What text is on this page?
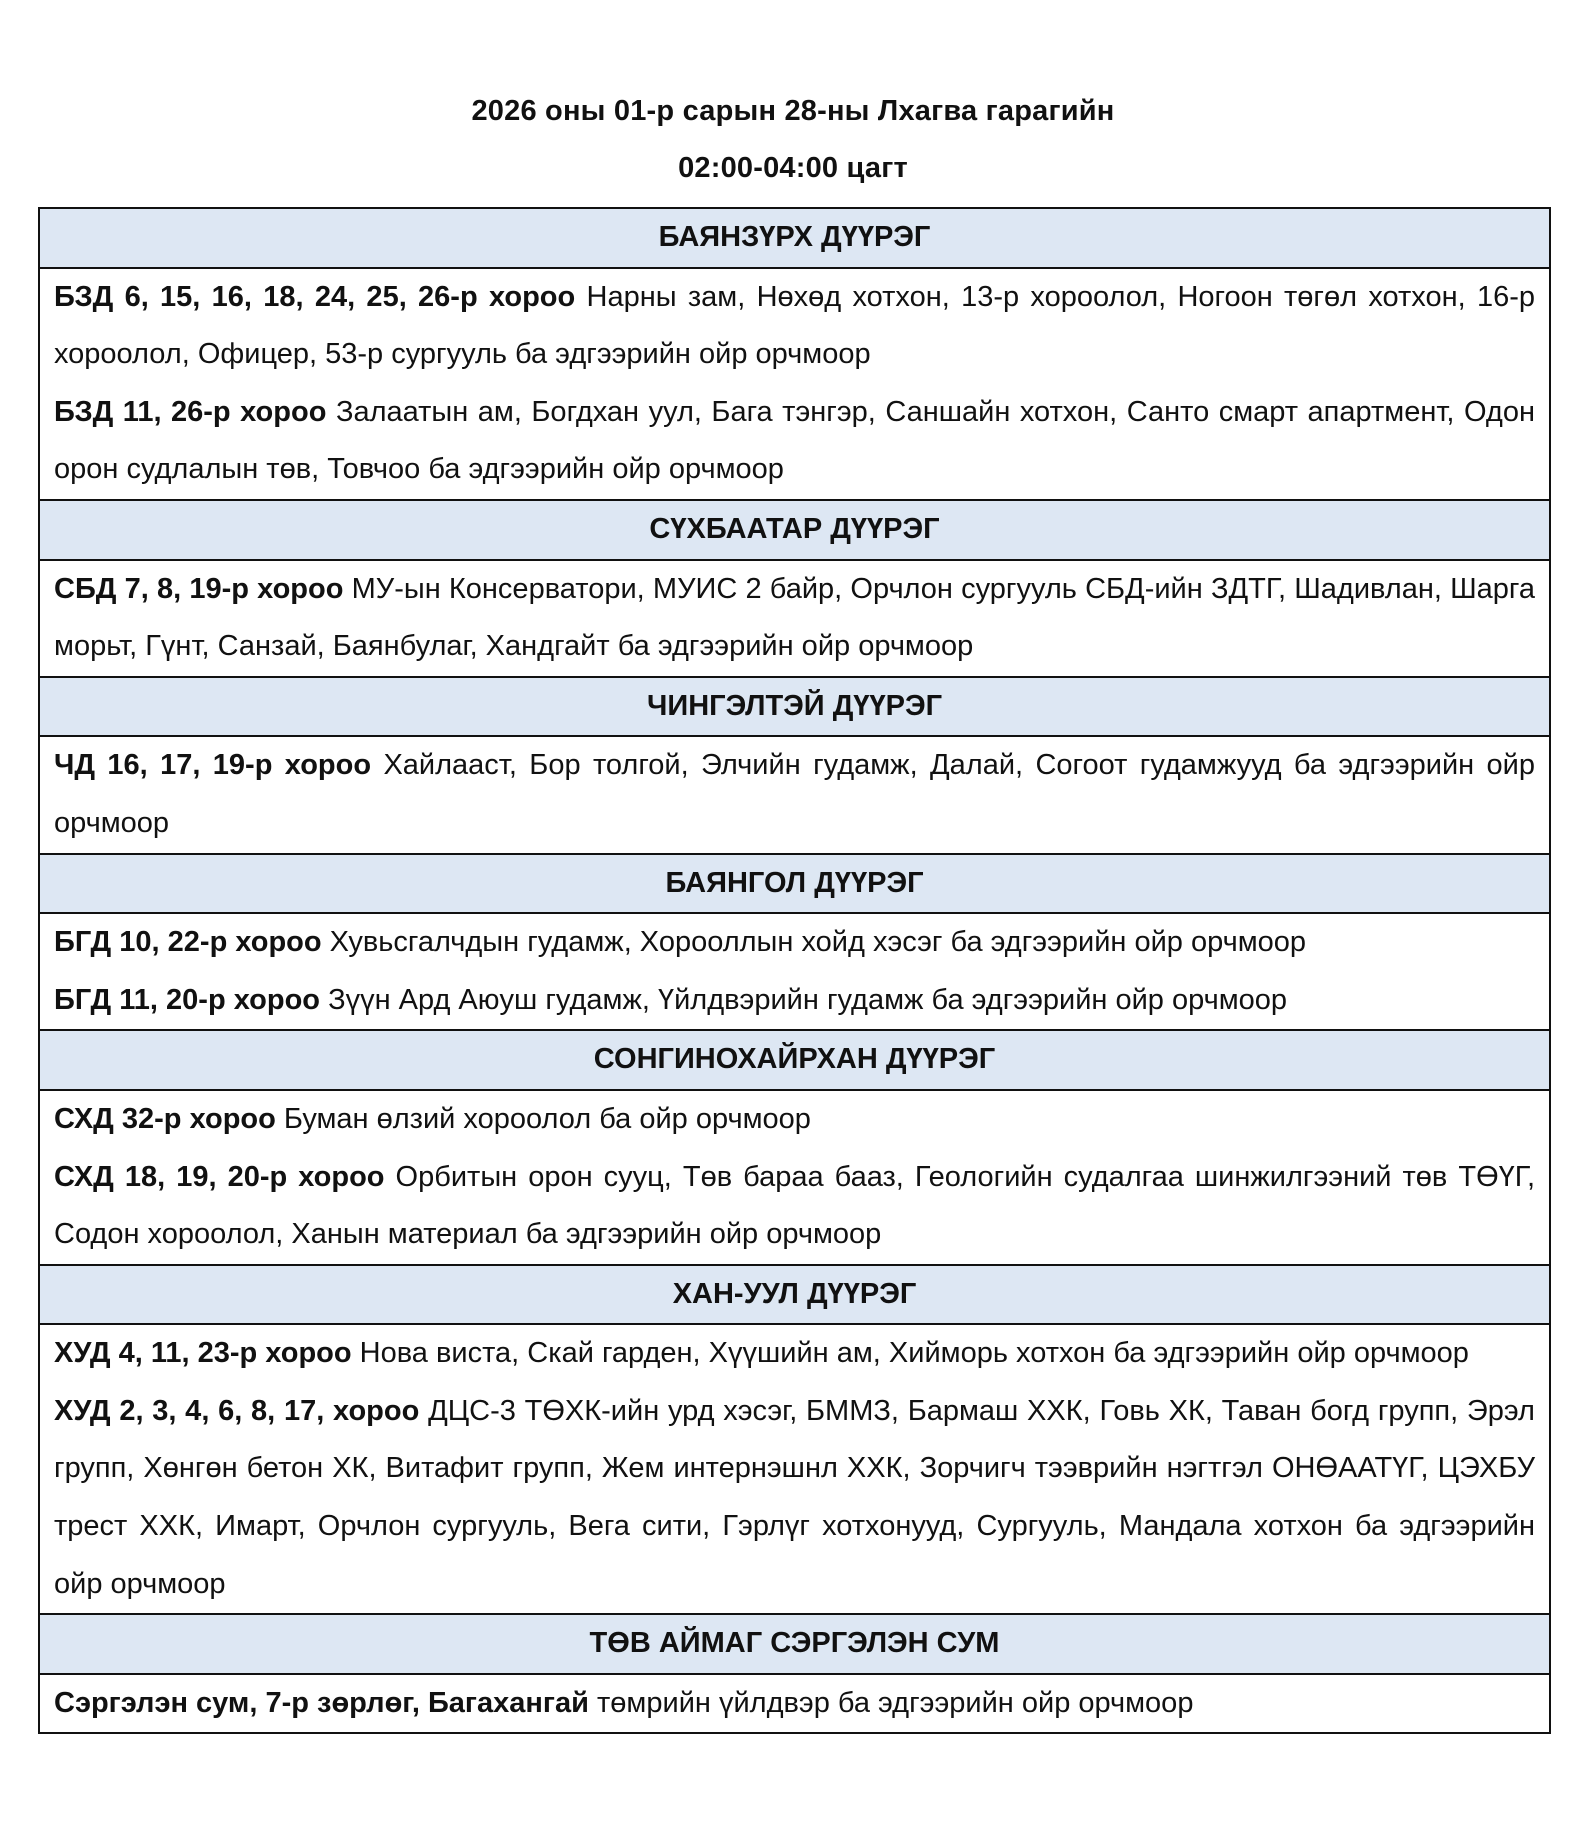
2026 оны 01-р сарын 28-ны Лхагва гарагийн
02:00-04:00 цагт
БАЯНЗҮРХ ДҮҮРЭГ

БЗД 6, 15, 16, 18, 24, 25, 26-р хороо Нарны зам, Нөхөд хотхон, 13-р хороолол, Ногоон төгөл хотхон, 16-р хороолол, Офицер, 53-р сургууль ба эдгээрийн ойр орчмоор
БЗД 11, 26-р хороо Залаатын ам, Богдхан уул, Бага тэнгэр, Саншайн хотхон, Санто смарт апартмент, Одон орон судлалын төв, Товчоо ба эдгээрийн ойр орчмоор

СҮХБААТАР ДҮҮРЭГ

СБД 7, 8, 19-р хороо МУ-ын Консерватори, МУИС 2 байр, Орчлон сургууль СБД-ийн ЗДТГ, Шадивлан, Шарга морьт, Гүнт, Санзай, Баянбулаг, Хандгайт ба эдгээрийн ойр орчмоор

ЧИНГЭЛТЭЙ ДҮҮРЭГ

ЧД 16, 17, 19-р хороо Хайлааст, Бор толгой, Элчийн гудамж, Далай, Согоот гудамжууд ба эдгээрийн ойр орчмоор

БАЯНГОЛ ДҮҮРЭГ

БГД 10, 22-р хороо Хувьсгалчдын гудамж, Хорооллын хойд хэсэг ба эдгээрийн ойр орчмоор
БГД 11, 20-р хороо Зүүн Ард Аюуш гудамж, Үйлдвэрийн гудамж ба эдгээрийн ойр орчмоор

СОНГИНОХАЙРХАН ДҮҮРЭГ

СХД 32-р хороо Буман өлзий хороолол ба ойр орчмоор
СХД 18, 19, 20-р хороо Орбитын орон сууц, Төв бараа бааз, Геологийн судалгаа шинжилгээний төв ТӨҮГ, Содон хороолол, Ханын материал ба эдгээрийн ойр орчмоор

ХАН-УУЛ ДҮҮРЭГ

ХУД 4, 11, 23-р хороо Нова виста, Скай гарден, Хүүшийн ам, Хийморь хотхон ба эдгээрийн ойр орчмоор
ХУД 2, 3, 4, 6, 8, 17, хороо ДЦС-3 ТӨХК-ийн урд хэсэг, БММЗ, Бармаш ХХК, Говь ХК, Таван богд групп, Эрэл групп, Хөнгөн бетон ХК, Витафит групп, Жем интернэшнл ХХК, Зорчигч тээврийн нэгтгэл ОНӨААТҮГ, ЦЭХБУ трест ХХК, Имарт, Орчлон сургууль, Вега сити, Гэрлүг хотхонууд, Сургууль, Мандала хотхон ба эдгээрийн ойр орчмоор

ТӨВ АЙМАГ СЭРГЭЛЭН СУМ

Сэргэлэн сум, 7-р зөрлөг, Багахангай төмрийн үйлдвэр ба эдгээрийн ойр орчмоор
